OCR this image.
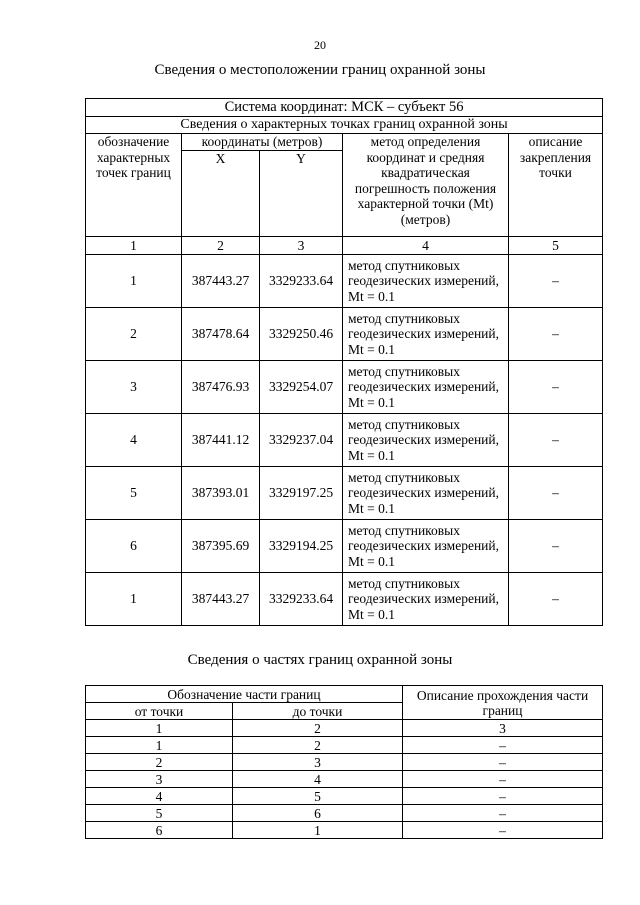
20
Сведения о местоположении границ охранной зоны
Система координат: МСК – субъект 56				
Сведения о характерных точках границ охранной зоны				
обозначение характерных точек границ	координаты (метров)		метод определения координат и средняя квадратическая погрешность положения характерной точки (Mt) (метров)	описание закрепления точки
	X	Y		
1	2	3	4	5
1	387443.27	3329233.64	метод спутниковых геодезических измерений, Mt = 0.1	–
2	387478.64	3329250.46	метод спутниковых геодезических измерений, Mt = 0.1	–
3	387476.93	3329254.07	метод спутниковых геодезических измерений, Mt = 0.1	–
4	387441.12	3329237.04	метод спутниковых геодезических измерений, Mt = 0.1	–
5	387393.01	3329197.25	метод спутниковых геодезических измерений, Mt = 0.1	–
6	387395.69	3329194.25	метод спутниковых геодезических измерений, Mt = 0.1	–
1	387443.27	3329233.64	метод спутниковых геодезических измерений, Mt = 0.1	–
Сведения о частях границ охранной зоны
Обозначение части границ		Описание прохождения части границ
от точки	до точки	
1	2	3
1	2	–
2	3	–
3	4	–
4	5	–
5	6	–
6	1	–
